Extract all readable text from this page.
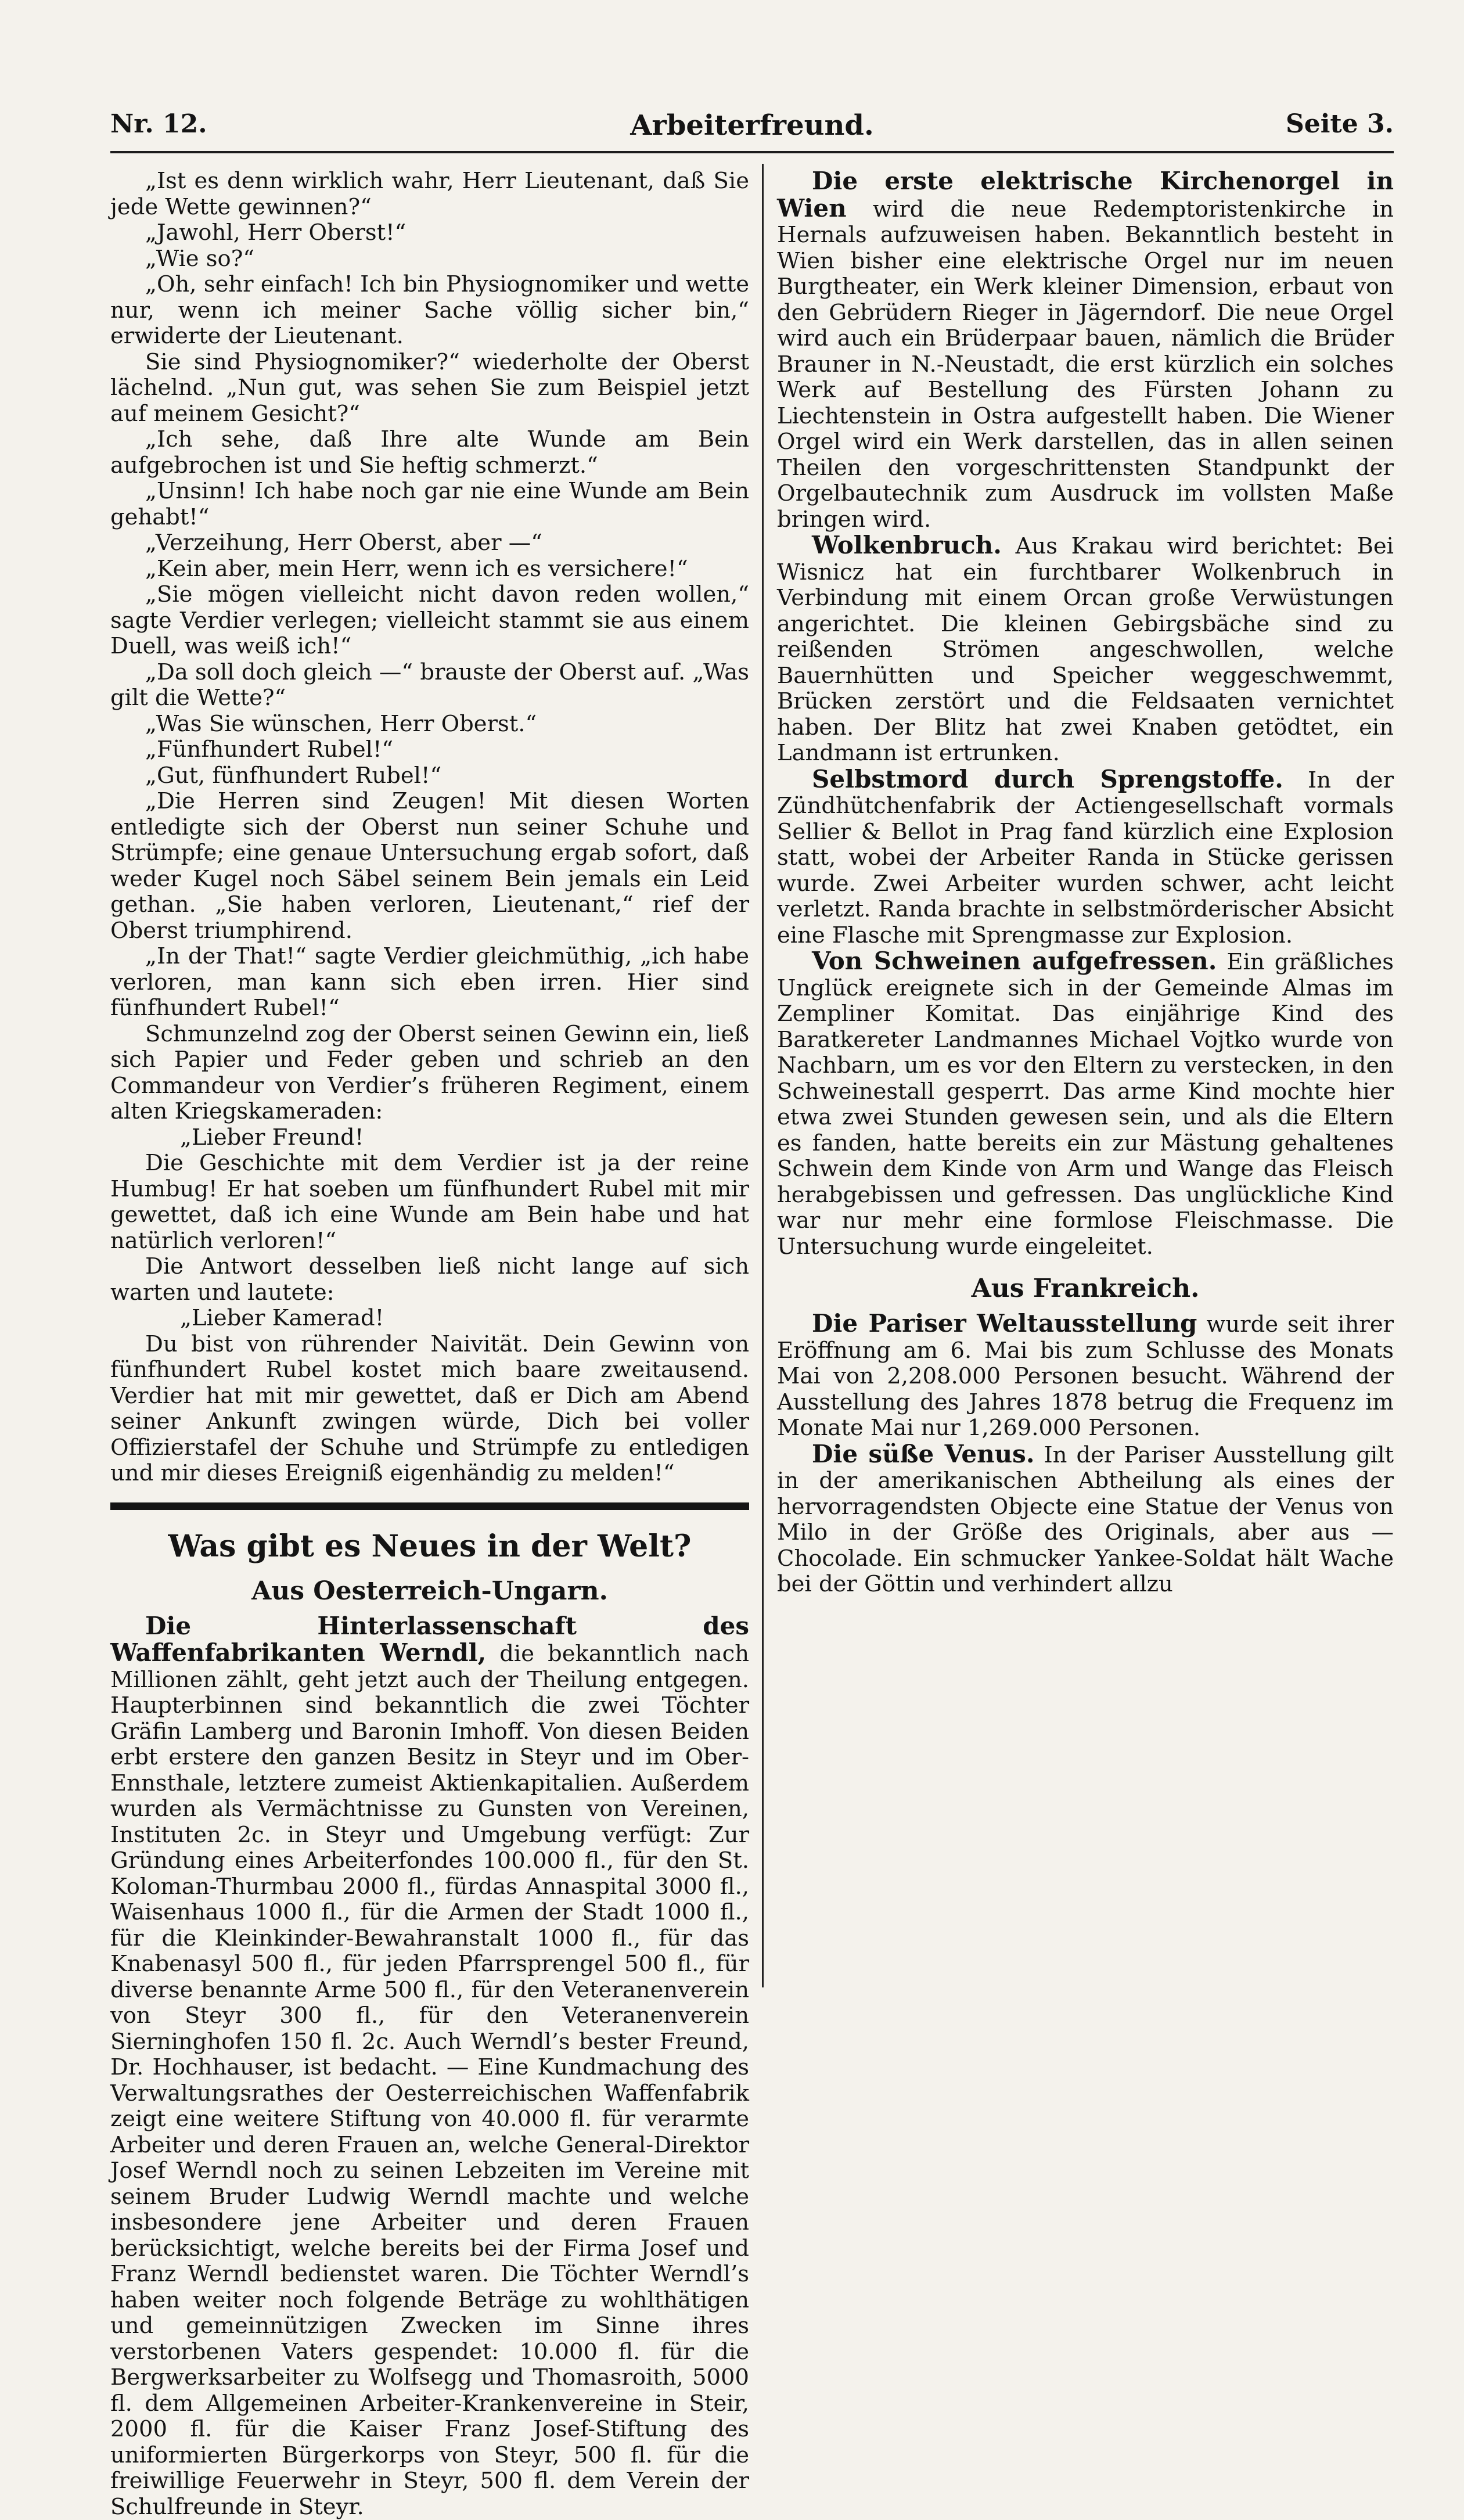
Nr. 12.	Arbeiterfreund.	Seite 3.

„Ist es denn wirklich wahr, Herr Lieutenant, daß Sie jede Wette gewinnen?“

„Jawohl, Herr Oberst!“

„Wie so?“

„Oh, sehr einfach! Ich bin Physiognomiker und wette nur, wenn ich meiner Sache völlig sicher bin,“ erwiderte der Lieutenant.

Sie sind Physiognomiker?“ wiederholte der Oberst lächelnd. „Nun gut, was sehen Sie zum Beispiel jetzt auf meinem Gesicht?“

„Ich sehe, daß Ihre alte Wunde am Bein aufgebrochen ist und Sie heftig schmerzt.“

„Unsinn! Ich habe noch gar nie eine Wunde am Bein gehabt!“

„Verzeihung, Herr Oberst, aber —“

„Kein aber, mein Herr, wenn ich es versichere!“

„Sie mögen vielleicht nicht davon reden wollen,“ sagte Verdier verlegen; vielleicht stammt sie aus einem Duell, was weiß ich!“

„Da soll doch gleich —“ brauste der Oberst auf. „Was gilt die Wette?“

„Was Sie wünschen, Herr Oberst.“

„Fünfhundert Rubel!“

„Gut, fünfhundert Rubel!“

„Die Herren sind Zeugen! Mit diesen Worten entledigte sich der Oberst nun seiner Schuhe und Strümpfe; eine genaue Untersuchung ergab sofort, daß weder Kugel noch Säbel seinem Bein jemals ein Leid gethan. „Sie haben verloren, Lieutenant,“ rief der Oberst triumphirend.

„In der That!“ sagte Verdier gleichmüthig, „ich habe verloren, man kann sich eben irren. Hier sind fünfhundert Rubel!“

Schmunzelnd zog der Oberst seinen Gewinn ein, ließ sich Papier und Feder geben und schrieb an den Commandeur von Verdier’s früheren Regiment, einem alten Kriegskameraden:

„Lieber Freund!

Die Geschichte mit dem Verdier ist ja der reine Humbug! Er hat soeben um fünfhundert Rubel mit mir gewettet, daß ich eine Wunde am Bein habe und hat natürlich verloren!“

Die Antwort desselben ließ nicht lange auf sich warten und lautete:

„Lieber Kamerad!

Du bist von rührender Naivität. Dein Gewinn von fünfhundert Rubel kostet mich baare zweitausend. Verdier hat mit mir gewettet, daß er Dich am Abend seiner Ankunft zwingen würde, Dich bei voller Offizierstafel der Schuhe und Strümpfe zu entledigen und mir dieses Ereigniß eigenhändig zu melden!“

Was gibt es Neues in der Welt?
Aus Oesterreich-Ungarn.

Die Hinterlassenschaft des Waffenfabrikanten Werndl, die bekanntlich nach Millionen zählt, geht jetzt auch der Theilung entgegen. Haupterbinnen sind bekanntlich die zwei Töchter Gräfin Lamberg und Baronin Imhoff. Von diesen Beiden erbt erstere den ganzen Besitz in Steyr und im Ober-Ennsthale, letztere zumeist Aktienkapitalien. Außerdem wurden als Vermächtnisse zu Gunsten von Vereinen, Instituten 2c. in Steyr und Umgebung verfügt: Zur Gründung eines Arbeiterfondes 100.000 fl., für den St. Koloman-Thurmbau 2000 fl., fürdas Annaspital 3000 fl., Waisenhaus 1000 fl., für die Armen der Stadt 1000 fl., für die Kleinkinder-Bewahranstalt 1000 fl., für das Knabenasyl 500 fl., für jeden Pfarrsprengel 500 fl., für diverse benannte Arme 500 fl., für den Veteranenverein von Steyr 300 fl., für den Veteranenverein Sierninghofen 150 fl. 2c. Auch Werndl’s bester Freund, Dr. Hochhauser, ist bedacht. — Eine Kundmachung des Verwaltungsrathes der Oesterreichischen Waffenfabrik zeigt eine weitere Stiftung von 40.000 fl. für verarmte Arbeiter und deren Frauen an, welche General-Direktor Josef Werndl noch zu seinen Lebzeiten im Vereine mit seinem Bruder Ludwig Werndl machte und welche insbesondere jene Arbeiter und deren Frauen berücksichtigt, welche bereits bei der Firma Josef und Franz Werndl bedienstet waren. Die Töchter Werndl’s haben weiter noch folgende Beträge zu wohlthätigen und gemeinnützigen Zwecken im Sinne ihres verstorbenen Vaters gespendet: 10.000 fl. für die Bergwerksarbeiter zu Wolfsegg und Thomasroith, 5000 fl. dem Allgemeinen Arbeiter-Krankenvereine in Steir, 2000 fl. für die Kaiser Franz Josef-Stiftung des uniformierten Bürgerkorps von Steyr, 500 fl. für die freiwillige Feuerwehr in Steyr, 500 fl. dem Verein der Schulfreunde in Steyr.

Die erste elektrische Kirchenorgel in Wien wird die neue Redemptoristenkirche in Hernals aufzuweisen haben. Bekanntlich besteht in Wien bisher eine elektrische Orgel nur im neuen Burgtheater, ein Werk kleiner Dimension, erbaut von den Gebrüdern Rieger in Jägerndorf. Die neue Orgel wird auch ein Brüderpaar bauen, nämlich die Brüder Brauner in N.-Neustadt, die erst kürzlich ein solches Werk auf Bestellung des Fürsten Johann zu Liechtenstein in Ostra aufgestellt haben. Die Wiener Orgel wird ein Werk darstellen, das in allen seinen Theilen den vorgeschrittensten Standpunkt der Orgelbautechnik zum Ausdruck im vollsten Maße bringen wird.

Wolkenbruch. Aus Krakau wird berichtet: Bei Wisnicz hat ein furchtbarer Wolkenbruch in Verbindung mit einem Orcan große Verwüstungen angerichtet. Die kleinen Gebirgsbäche sind zu reißenden Strömen angeschwollen, welche Bauernhütten und Speicher weggeschwemmt, Brücken zerstört und die Feldsaaten vernichtet haben. Der Blitz hat zwei Knaben getödtet, ein Landmann ist ertrunken.

Selbstmord durch Sprengstoffe. In der Zündhütchenfabrik der Actiengesellschaft vormals Sellier & Bellot in Prag fand kürzlich eine Explosion statt, wobei der Arbeiter Randa in Stücke gerissen wurde. Zwei Arbeiter wurden schwer, acht leicht verletzt. Randa brachte in selbstmörderischer Absicht eine Flasche mit Sprengmasse zur Explosion.

Von Schweinen aufgefressen. Ein gräßliches Unglück ereignete sich in der Gemeinde Almas im Zempliner Komitat. Das einjährige Kind des Baratkereter Landmannes Michael Vojtko wurde von Nachbarn, um es vor den Eltern zu verstecken, in den Schweinestall gesperrt. Das arme Kind mochte hier etwa zwei Stunden gewesen sein, und als die Eltern es fanden, hatte bereits ein zur Mästung gehaltenes Schwein dem Kinde von Arm und Wange das Fleisch herabgebissen und gefressen. Das unglückliche Kind war nur mehr eine formlose Fleischmasse. Die Untersuchung wurde eingeleitet.

Aus Frankreich.

Die Pariser Weltausstellung wurde seit ihrer Eröffnung am 6. Mai bis zum Schlusse des Monats Mai von 2,208.000 Personen besucht. Während der Ausstellung des Jahres 1878 betrug die Frequenz im Monate Mai nur 1,269.000 Personen.

Die süße Venus. In der Pariser Ausstellung gilt in der amerikanischen Abtheilung als eines der hervorragendsten Objecte eine Statue der Venus von Milo in der Größe des Originals, aber aus — Chocolade. Ein schmucker Yankee-Soldat hält Wache bei der Göttin und verhindert allzu
